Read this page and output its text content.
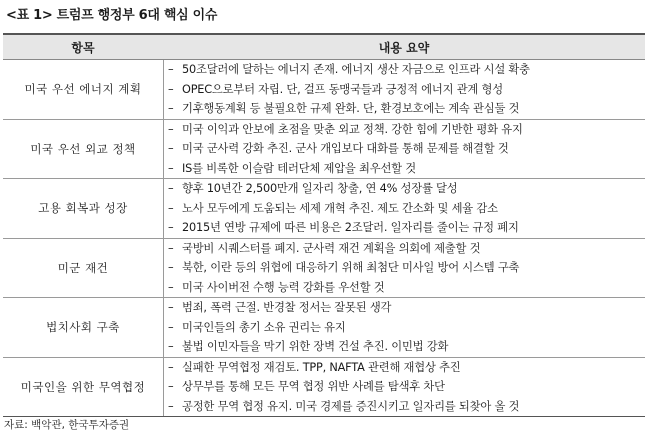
<표 1> 트럼프 행정부 6대 핵심 이슈
항목	내용 요약
미국 우선 에너지 계획
– 50조달러에 달하는 에너지 존재. 에너지 생산 자금으로 인프라 시설 확충
– OPEC으로부터 자립. 단, 걸프 동맹국들과 긍정적 에너지 관계 형성
– 기후행동계획 등 불필요한 규제 완화. 단, 환경보호에는 계속 관심둘 것
미국 우선 외교 정책
– 미국 이익과 안보에 초점을 맞춘 외교 정책. 강한 힘에 기반한 평화 유지
– 미국 군사력 강화 추진. 군사 개입보다 대화를 통해 문제를 해결할 것
– IS를 비록한 이슬람 테러단체 제압을 최우선할 것
고용 회복과 성장
– 향후 10년간 2,500만개 일자리 창출, 연 4% 성장률 달성
– 노사 모두에게 도움되는 세제 개혁 추진. 제도 간소화 및 세율 감소
– 2015년 연방 규제에 따른 비용은 2조달러. 일자리를 줄이는 규정 폐지
미군 재건
– 국방비 시퀘스터를 폐지. 군사력 재건 계획을 의회에 제출할 것
– 북한, 이란 등의 위협에 대응하기 위해 최첨단 미사일 방어 시스템 구축
– 미국 사이버전 수행 능력 강화를 우선할 것
법치사회 구축
– 범죄, 폭력 근절. 반경찰 정서는 잘못된 생각
– 미국인들의 총기 소유 권리는 유지
– 불법 이민자들을 막기 위한 장벽 건설 추진. 이민법 강화
미국인을 위한 무역협정
– 실패한 무역협정 재검토. TPP, NAFTA 관련해 재협상 추진
– 상무부를 통해 모든 무역 협정 위반 사례를 탐색후 차단
– 공정한 무역 협정 유지. 미국 경제를 증진시키고 일자리를 되찾아 올 것
자료: 백악관, 한국투자증권
